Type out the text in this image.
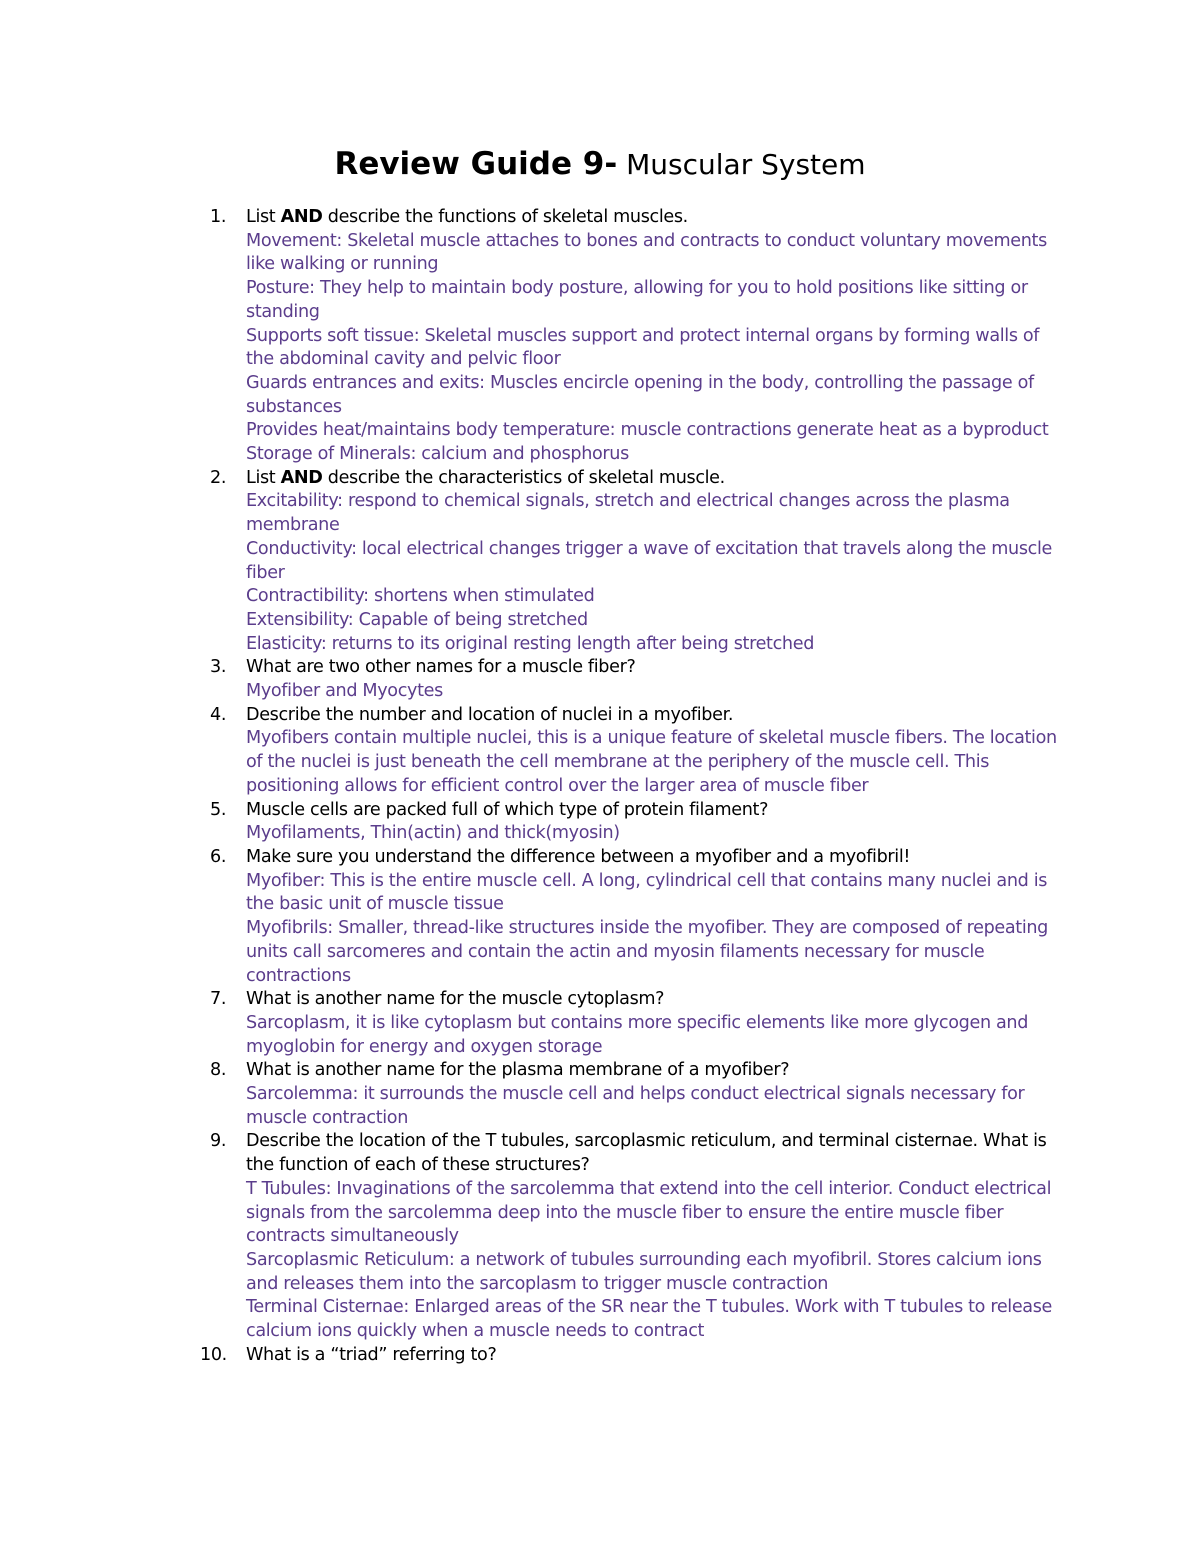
Review Guide 9- Muscular System
1.	List AND describe the functions of skeletal muscles.
Movement: Skeletal muscle attaches to bones and contracts to conduct voluntary movements like walking or running
Posture: They help to maintain body posture, allowing for you to hold positions like sitting or standing
Supports soft tissue: Skeletal muscles support and protect internal organs by forming walls of the abdominal cavity and pelvic floor
Guards entrances and exits: Muscles encircle opening in the body, controlling the passage of substances
Provides heat/maintains body temperature: muscle contractions generate heat as a byproduct
Storage of Minerals: calcium and phosphorus
2.	List AND describe the characteristics of skeletal muscle.
Excitability: respond to chemical signals, stretch and electrical changes across the plasma membrane
Conductivity: local electrical changes trigger a wave of excitation that travels along the muscle fiber
Contractibility: shortens when stimulated
Extensibility: Capable of being stretched
Elasticity: returns to its original resting length after being stretched
3.	What are two other names for a muscle fiber?
Myofiber and Myocytes
4.	Describe the number and location of nuclei in a myofiber.
Myofibers contain multiple nuclei, this is a unique feature of skeletal muscle fibers. The location of the nuclei is just beneath the cell membrane at the periphery of the muscle cell. This positioning allows for efficient control over the larger area of muscle fiber
5.	Muscle cells are packed full of which type of protein filament?
Myofilaments, Thin(actin) and thick(myosin)
6.	Make sure you understand the difference between a myofiber and a myofibril!
Myofiber: This is the entire muscle cell. A long, cylindrical cell that contains many nuclei and is the basic unit of muscle tissue
Myofibrils: Smaller, thread-like structures inside the myofiber. They are composed of repeating units call sarcomeres and contain the actin and myosin filaments necessary for muscle contractions
7.	What is another name for the muscle cytoplasm?
Sarcoplasm, it is like cytoplasm but contains more specific elements like more glycogen and myoglobin for energy and oxygen storage
8.	What is another name for the plasma membrane of a myofiber?
Sarcolemma: it surrounds the muscle cell and helps conduct electrical signals necessary for muscle contraction
9.	Describe the location of the T tubules, sarcoplasmic reticulum, and terminal cisternae. What is the function of each of these structures?
T Tubules: Invaginations of the sarcolemma that extend into the cell interior. Conduct electrical signals from the sarcolemma deep into the muscle fiber to ensure the entire muscle fiber contracts simultaneously
Sarcoplasmic Reticulum: a network of tubules surrounding each myofibril. Stores calcium ions and releases them into the sarcoplasm to trigger muscle contraction
Terminal Cisternae: Enlarged areas of the SR near the T tubules. Work with T tubules to release calcium ions quickly when a muscle needs to contract
10. What is a “triad” referring to?
